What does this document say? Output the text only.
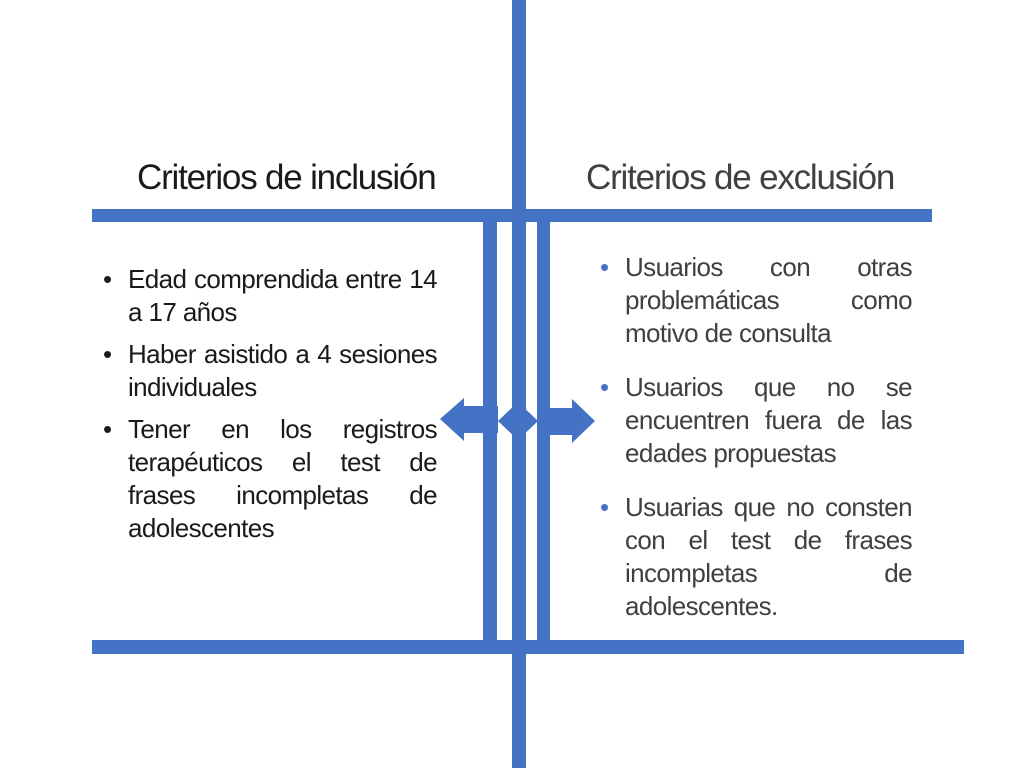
Criterios de inclusión	Criterios de exclusión
• Edad comprendida entre 14 a 17 años
• Haber asistido a 4 sesiones individuales
• Tener en los registros terapéuticos el test de frases incompletas de adolescentes
• Usuarios con otras problemáticas como motivo de consulta
• Usuarios que no se encuentren fuera de las edades propuestas
• Usuarias que no consten con el test de frases incompletas de adolescentes.
